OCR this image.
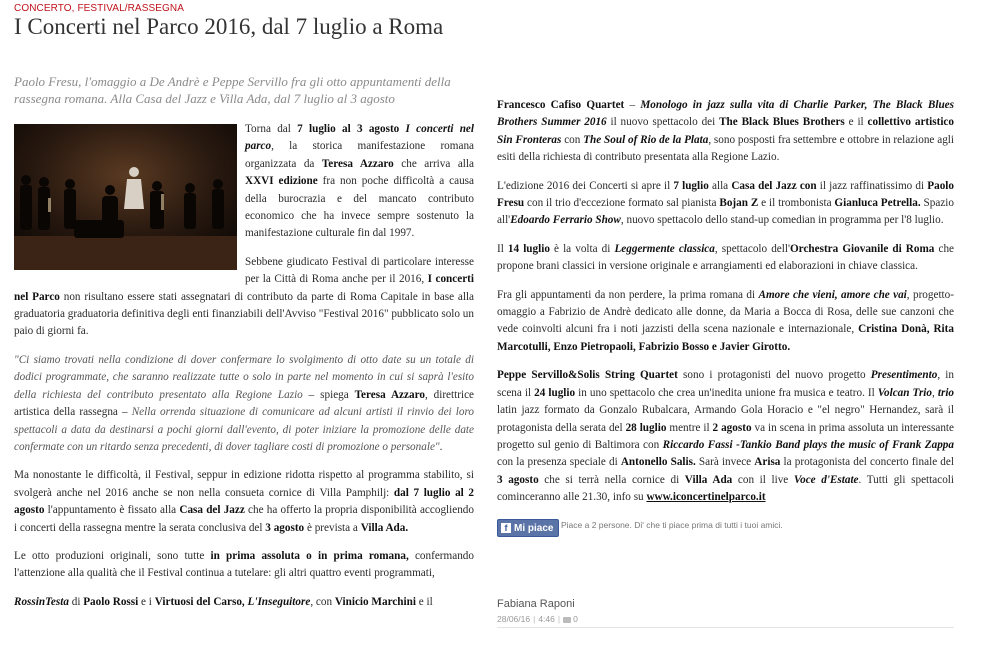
CONCERTO, FESTIVAL/RASSEGNA
I Concerti nel Parco 2016, dal 7 luglio a Roma

Paolo Fresu, l'omaggio a De Andrè e Peppe Servillo fra gli otto appuntamenti della rassegna romana. Alla Casa del Jazz e Villa Ada, dal 7 luglio al 3 agosto

Torna dal 7 luglio al 3 agosto I concerti nel parco, la storica manifestazione romana organizzata da Teresa Azzaro che arriva alla XXVI edizione fra non poche difficoltà a causa della burocrazia e del mancato contributo economico che ha invece sempre sostenuto la manifestazione culturale fin dal 1997.

Sebbene giudicato Festival di particolare interesse per la Città di Roma anche per il 2016, I concerti nel Parco non risultano essere stati assegnatari di contributo da parte di Roma Capitale in base alla graduatoria graduatoria definitiva degli enti finanziabili dell'Avviso "Festival 2016" pubblicato solo un paio di giorni fa.

"Ci siamo trovati nella condizione di dover confermare lo svolgimento di otto date su un totale di dodici programmate, che saranno realizzate tutte o solo in parte nel momento in cui si saprà l'esito della richiesta del contributo presentato alla Regione Lazio – spiega Teresa Azzaro, direttrice artistica della rassegna – Nella orrenda situazione di comunicare ad alcuni artisti il rinvio dei loro spettacoli a data da destinarsi a pochi giorni dall'evento, di poter iniziare la promozione delle date confermate con un ritardo senza precedenti, di dover tagliare costi di promozione o personale".

Ma nonostante le difficoltà, il Festival, seppur in edizione ridotta rispetto al programma stabilito, si svolgerà anche nel 2016 anche se non nella consueta cornice di Villa Pamphilj: dal 7 luglio al 2 agosto l'appuntamento è fissato alla Casa del Jazz che ha offerto la propria disponibilità accogliendo i concerti della rassegna mentre la serata conclusiva del 3 agosto è prevista a Villa Ada.

Le otto produzioni originali, sono tutte in prima assoluta o in prima romana, confermando l'attenzione alla qualità che il Festival continua a tutelare: gli altri quattro eventi programmati,

RossinTesta di Paolo Rossi e i Virtuosi del Carso, L'Inseguitore, con Vinicio Marchini e il

Francesco Cafiso Quartet – Monologo in jazz sulla vita di Charlie Parker, The Black Blues Brothers Summer 2016 il nuovo spettacolo dei The Black Blues Brothers e il collettivo artistico Sin Fronteras con The Soul of Rio de la Plata, sono posposti fra settembre e ottobre in relazione agli esiti della richiesta di contributo presentata alla Regione Lazio.

L'edizione 2016 dei Concerti si apre il 7 luglio alla Casa del Jazz con il jazz raffinatissimo di Paolo Fresu con il trio d'eccezione formato sal pianista Bojan Z e il trombonista Gianluca Petrella. Spazio all'Edoardo Ferrario Show, nuovo spettacolo dello stand-up comedian in programma per l'8 luglio.

Il 14 luglio è la volta di Leggermente classica, spettacolo dell'Orchestra Giovanile di Roma che propone brani classici in versione originale e arrangiamenti ed elaborazioni in chiave classica.

Fra gli appuntamenti da non perdere, la prima romana di Amore che vieni, amore che vai, progetto-omaggio a Fabrizio de Andrè dedicato alle donne, da Maria a Bocca di Rosa, delle sue canzoni che vede coinvolti alcuni fra i noti jazzisti della scena nazionale e internazionale, Cristina Donà, Rita Marcotulli, Enzo Pietropaoli, Fabrizio Bosso e Javier Girotto.

Peppe Servillo&Solis String Quartet sono i protagonisti del nuovo progetto Presentimento, in scena il 24 luglio in uno spettacolo che crea un'inedita unione fra musica e teatro. Il Volcan Trio, trio latin jazz formato da Gonzalo Rubalcara, Armando Gola Horacio e "el negro" Hernandez, sarà il protagonista della serata del 28 luglio mentre il 2 agosto va in scena in prima assoluta un interessante progetto sul genio di Baltimora con Riccardo Fassi -Tankio Band plays the music of Frank Zappa con la presenza speciale di Antonello Salis. Sarà invece Arisa la protagonista del concerto finale del 3 agosto che si terrà nella cornice di Villa Ada con il live Voce d'Estate. Tutti gli spettacoli cominceranno alle 21.30, info su www.iconcertinelparco.it

f Mi piace Piace a 2 persone. Di' che ti piace prima di tutti i tuoi amici.
Fabiana Raponi
28/06/16 | 4:46 | 0
